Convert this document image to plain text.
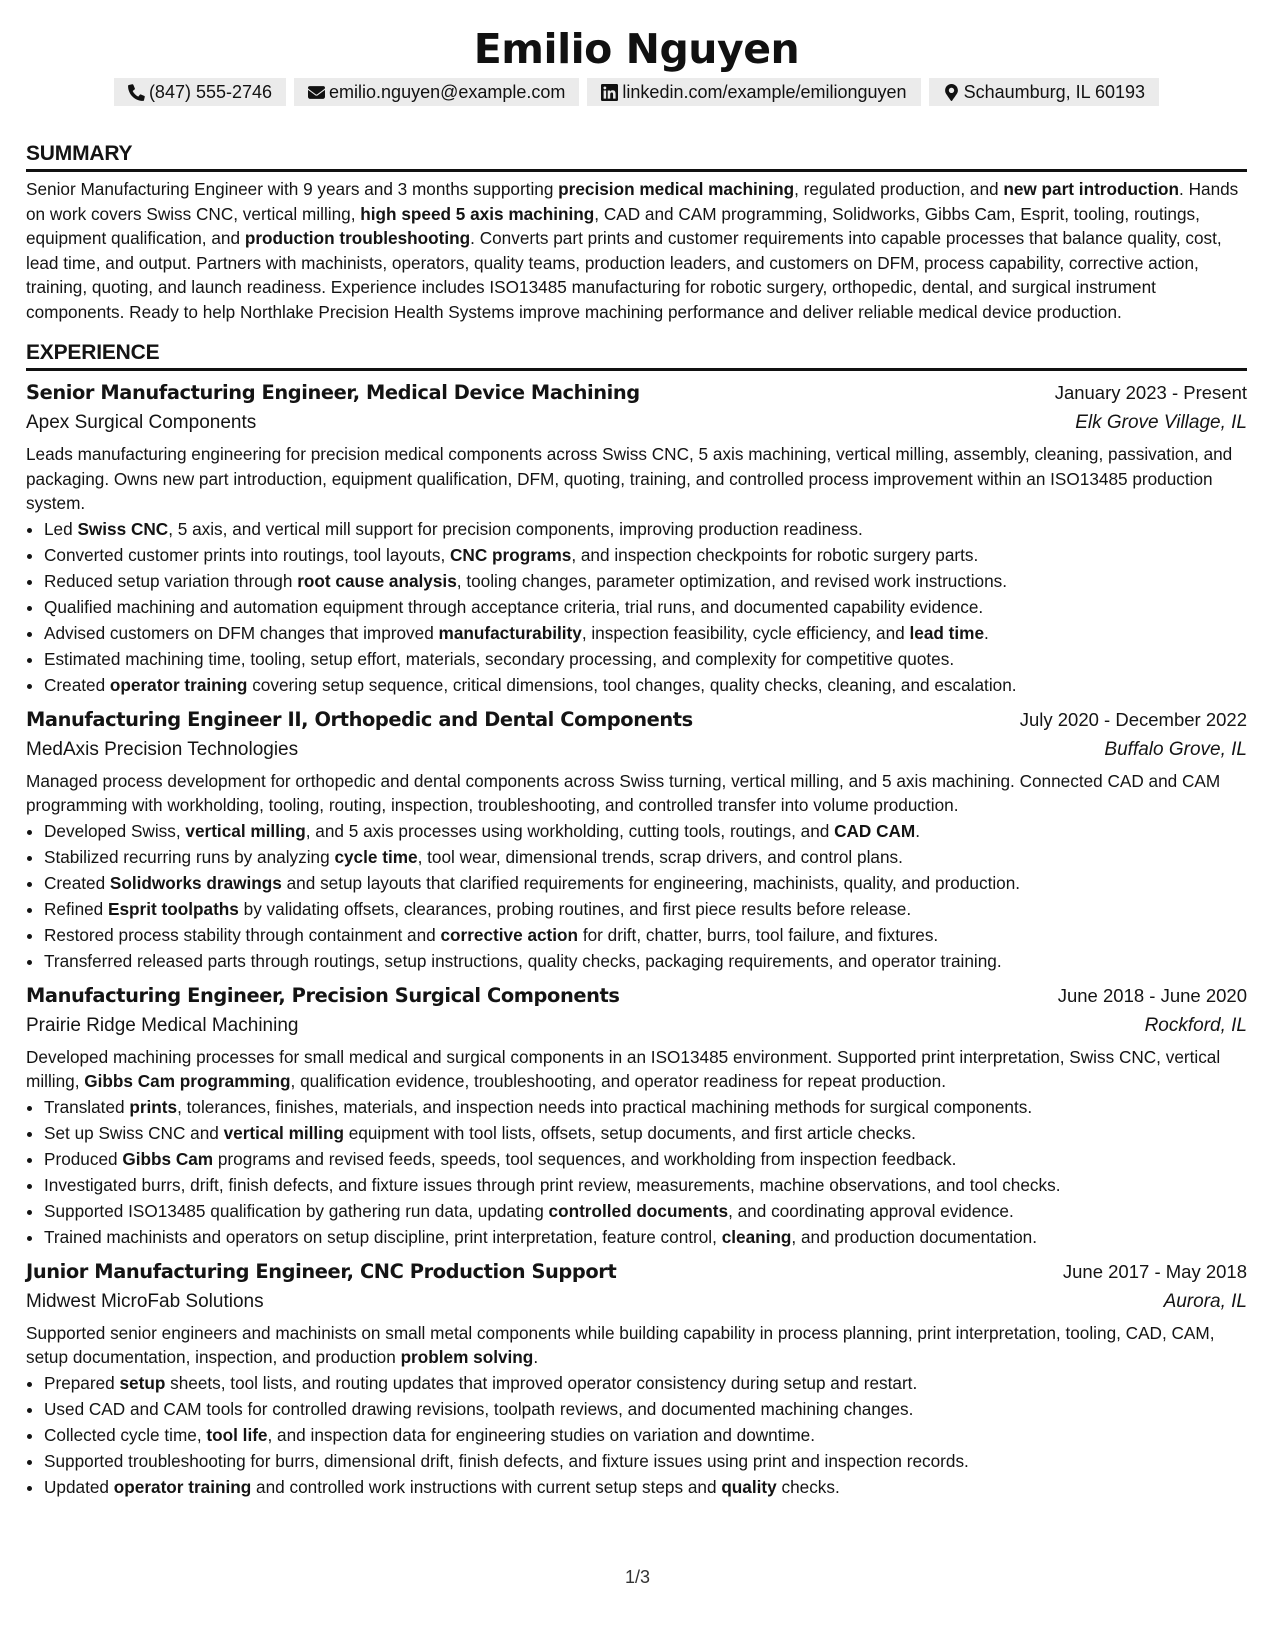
Emilio Nguyen
(847) 555-2746	emilio.nguyen@example.com	linkedin.com/example/emilionguyen	Schaumburg, IL 60193
SUMMARY
Senior Manufacturing Engineer with 9 years and 3 months supporting precision medical machining, regulated production, and new part introduction. Hands on work covers Swiss CNC, vertical milling, high speed 5 axis machining, CAD and CAM programming, Solidworks, Gibbs Cam, Esprit, tooling, routings, equipment qualification, and production troubleshooting. Converts part prints and customer requirements into capable processes that balance quality, cost, lead time, and output. Partners with machinists, operators, quality teams, production leaders, and customers on DFM, process capability, corrective action, training, quoting, and launch readiness. Experience includes ISO13485 manufacturing for robotic surgery, orthopedic, dental, and surgical instrument components. Ready to help Northlake Precision Health Systems improve machining performance and deliver reliable medical device production.
EXPERIENCE
Senior Manufacturing Engineer, Medical Device Machining	January 2023 - Present
Apex Surgical Components	Elk Grove Village, IL
Leads manufacturing engineering for precision medical components across Swiss CNC, 5 axis machining, vertical milling, assembly, cleaning, passivation, and packaging. Owns new part introduction, equipment qualification, DFM, quoting, training, and controlled process improvement within an ISO13485 production system.
• Led Swiss CNC, 5 axis, and vertical mill support for precision components, improving production readiness.
• Converted customer prints into routings, tool layouts, CNC programs, and inspection checkpoints for robotic surgery parts.
• Reduced setup variation through root cause analysis, tooling changes, parameter optimization, and revised work instructions.
• Qualified machining and automation equipment through acceptance criteria, trial runs, and documented capability evidence.
• Advised customers on DFM changes that improved manufacturability, inspection feasibility, cycle efficiency, and lead time.
• Estimated machining time, tooling, setup effort, materials, secondary processing, and complexity for competitive quotes.
• Created operator training covering setup sequence, critical dimensions, tool changes, quality checks, cleaning, and escalation.
Manufacturing Engineer II, Orthopedic and Dental Components	July 2020 - December 2022
MedAxis Precision Technologies	Buffalo Grove, IL
Managed process development for orthopedic and dental components across Swiss turning, vertical milling, and 5 axis machining. Connected CAD and CAM programming with workholding, tooling, routing, inspection, troubleshooting, and controlled transfer into volume production.
• Developed Swiss, vertical milling, and 5 axis processes using workholding, cutting tools, routings, and CAD CAM.
• Stabilized recurring runs by analyzing cycle time, tool wear, dimensional trends, scrap drivers, and control plans.
• Created Solidworks drawings and setup layouts that clarified requirements for engineering, machinists, quality, and production.
• Refined Esprit toolpaths by validating offsets, clearances, probing routines, and first piece results before release.
• Restored process stability through containment and corrective action for drift, chatter, burrs, tool failure, and fixtures.
• Transferred released parts through routings, setup instructions, quality checks, packaging requirements, and operator training.
Manufacturing Engineer, Precision Surgical Components	June 2018 - June 2020
Prairie Ridge Medical Machining	Rockford, IL
Developed machining processes for small medical and surgical components in an ISO13485 environment. Supported print interpretation, Swiss CNC, vertical milling, Gibbs Cam programming, qualification evidence, troubleshooting, and operator readiness for repeat production.
• Translated prints, tolerances, finishes, materials, and inspection needs into practical machining methods for surgical components.
• Set up Swiss CNC and vertical milling equipment with tool lists, offsets, setup documents, and first article checks.
• Produced Gibbs Cam programs and revised feeds, speeds, tool sequences, and workholding from inspection feedback.
• Investigated burrs, drift, finish defects, and fixture issues through print review, measurements, machine observations, and tool checks.
• Supported ISO13485 qualification by gathering run data, updating controlled documents, and coordinating approval evidence.
• Trained machinists and operators on setup discipline, print interpretation, feature control, cleaning, and production documentation.
Junior Manufacturing Engineer, CNC Production Support	June 2017 - May 2018
Midwest MicroFab Solutions	Aurora, IL
Supported senior engineers and machinists on small metal components while building capability in process planning, print interpretation, tooling, CAD, CAM, setup documentation, inspection, and production problem solving.
• Prepared setup sheets, tool lists, and routing updates that improved operator consistency during setup and restart.
• Used CAD and CAM tools for controlled drawing revisions, toolpath reviews, and documented machining changes.
• Collected cycle time, tool life, and inspection data for engineering studies on variation and downtime.
• Supported troubleshooting for burrs, dimensional drift, finish defects, and fixture issues using print and inspection records.
• Updated operator training and controlled work instructions with current setup steps and quality checks.
1/3
